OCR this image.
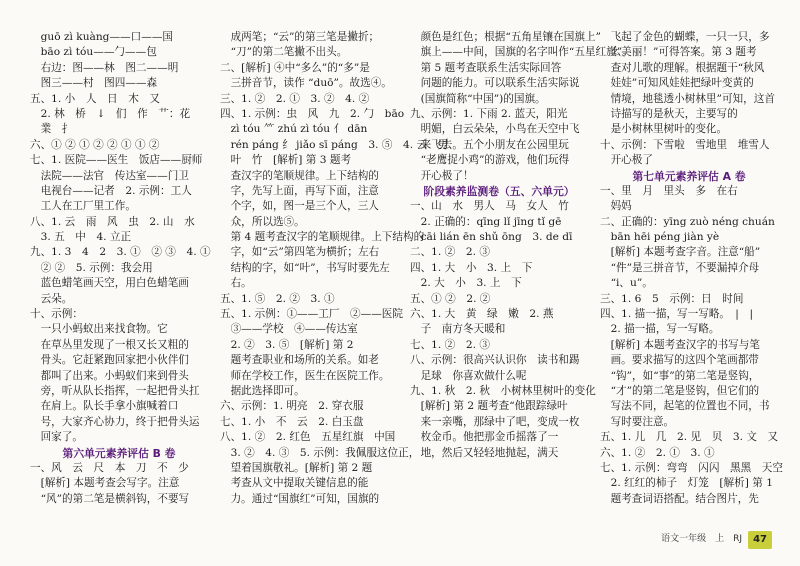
　guō zì kuàng——口——国
　bāo zì tóu——勹——包
　右边：图——林　图二——明
　图三——村　图四——森
五、1. 小　人　日　木　又
　2. 林　桥　↓　们　作　艹：花
　業　扌
六、① ② ① ② ② ① ① ②
七、1. 医院——医生　饭店——厨师
　法院——法官　传达室——门卫
　电视台——记者　2. 示例：工人
　工人在工厂里工作。
八、1. 云　雨　风　虫　2. 山　水
　3. 五　中　4. 立正
九、1. 3　4　2　3. ①　② ③　4. ①
　② ②　5. 示例：我会用
　蓝色蜡笔画天空，用白色蜡笔画
　云朵。
十、示例：
　一只小蚂蚁出来找食物。它
　在草丛里发现了一根又长又粗的
　骨头。它赶紧跑回家把小伙伴们
　都叫了出来。小蚂蚁们来到骨头
　旁，听从队长指挥，一起把骨头扛
　在肩上。队长手拿小旗喊着口
　号，大家齐心协力，终于把骨头运
　回家了。
第六单元素养评估 B 卷
一、风　云　尺　本　刀　不　少
　[解析] 本题考查会写字。注意
　“风”的第二笔是横斜钩，不要写
　成两笔；“云”的第三笔是撇折；
　“刀”的第二笔撇不出头。
二、[解析] ④中“多么”的“多”是
　三拼音节，读作 “duō”。故选④。
三、1. ②　2. ①　3. ②　4. ②
四、1. 示例：虫　风　九　2. 勹　bāo
　zì tóu ⺮ zhú zì tóu 亻 dān
　rén páng 纟 jiǎo sī páng　3. ⑤　4. 云　男
　叶　竹　[解析] 第 3 题考
　查汉字的笔顺规律。上下结构的
　字，先写上面，再写下面，注意
　个字，如，图一是三个人，三人
　众，所以选⑤。
　第 4 题考查汉字的笔顺规律。上下结构的
　字，如“云”第四笔为横折；左右
　结构的字，如“叶”，书写时要先左
　右。
五、1. ⑤　2. ②　3. ①
五、1. 示例：①——工厂　②——医院
　③——学校　④——传达室
　2. ②　3. ⑤　[解析] 第 2
　题考查职业和场所的关系。如老
　师在学校工作，医生在医院工作。
　据此选择即可。
六、示例：1. 明亮　2. 穿衣服
七、1. 小　不　云　2. 白玉盘
八、1. ②　2. 红色　五星红旗　中国
　3. ②　4. ③　5. 示例：我佩服这位正，
　望着国旗敬礼。[解析] 第 2 题
　考查从文中提取关键信息的能
　力。通过“国旗红”可知，国旗的
　颜色是红色；根据“五角星镶在国旗上”
　旗上——中间，国旗的名字叫作“五星红旗”。
　第 5 题考查联系生活实际回答
　问题的能力。可以联系生活实际说
　(国旗简称“中国”)的国旗。
九、示例：1. 下雨 2. 蓝天，阳光
　明媚，白云朵朵，小鸟在天空中飞
　来飞去。五个小朋友在公园里玩
　“老鹰捉小鸡”的游戏，他们玩得
　开心极了！
阶段素养监测卷（五、六单元）
一、山　水　男人　马　女人　竹
　2. 正确的：qīng lǐ jīng tǐ gē
　cāi lián ēn shǔ ōng　3. de dī
二、1. ②　2. ③
四、1. 大　小　3. 上　下
　2. 大　小　3. 上　下
五、① ②　2. ②
六、1. 大　黄　绿　嫩　2. 燕
　子　南方冬天暖和
七、1. ②　2. ③
八、示例：很高兴认识你　读书和踢
　足球　你喜欢做什么呢
九、1. 秋　2. 秋　小树林里树叶的变化
　[解析] 第 2 题考查“他跟踪绿叶
　来一亲嘴，那绿中了吧，变成一枚
　枚金币。他把那金币摇落了一
　地，然后又轻轻地抛起，满天
　飞起了金色的蝴蝶，一只一只，多
　么美丽！”可得答案。第 3 题考
　查对儿歌的理解。根据题干“秋风
　娃娃”可知风娃娃把绿叶变黄的
　情境，地毯透小树林里”可知，这首
　诗描写的是秋天，主要写的
　是小树林里树叶的变化。
十、示例：下雪啦　雪地里　堆雪人
　开心极了
第七单元素养评估 A 卷
一、里　月　里头　多　在右
　妈妈
二、正确的：yīng zuò néng chuán
　bān hēi péng jiàn yè
　[解析] 本题考查字音。注意“船”
　“件”是三拼音节，不要漏掉介母
　“i、u”。
三、1. 6　5　示例：日　时间
四、1. 描一描，写一写略。　|　|
　2. 描一描，写一写略。
　[解析] 本题考查汉字的书写与笔
　画。要求描写的这四个笔画都带
　“钩”，如“事”的第二笔是竖钩，
　“才”的第二笔是竖钩，但它们的
　写法不同，起笔的位置也不同，书
　写时要注意。
五、1. 儿　几　2. 见　贝　3. 文　又
六、1. ②　2. ①　3. ①
七、1. 示例：弯弯　闪闪　黑黑　天空
　2. 红红的柿子　灯笼　[解析] 第 1
　题考查词语搭配。结合图片，先
语文一年级　上　RJ	47
